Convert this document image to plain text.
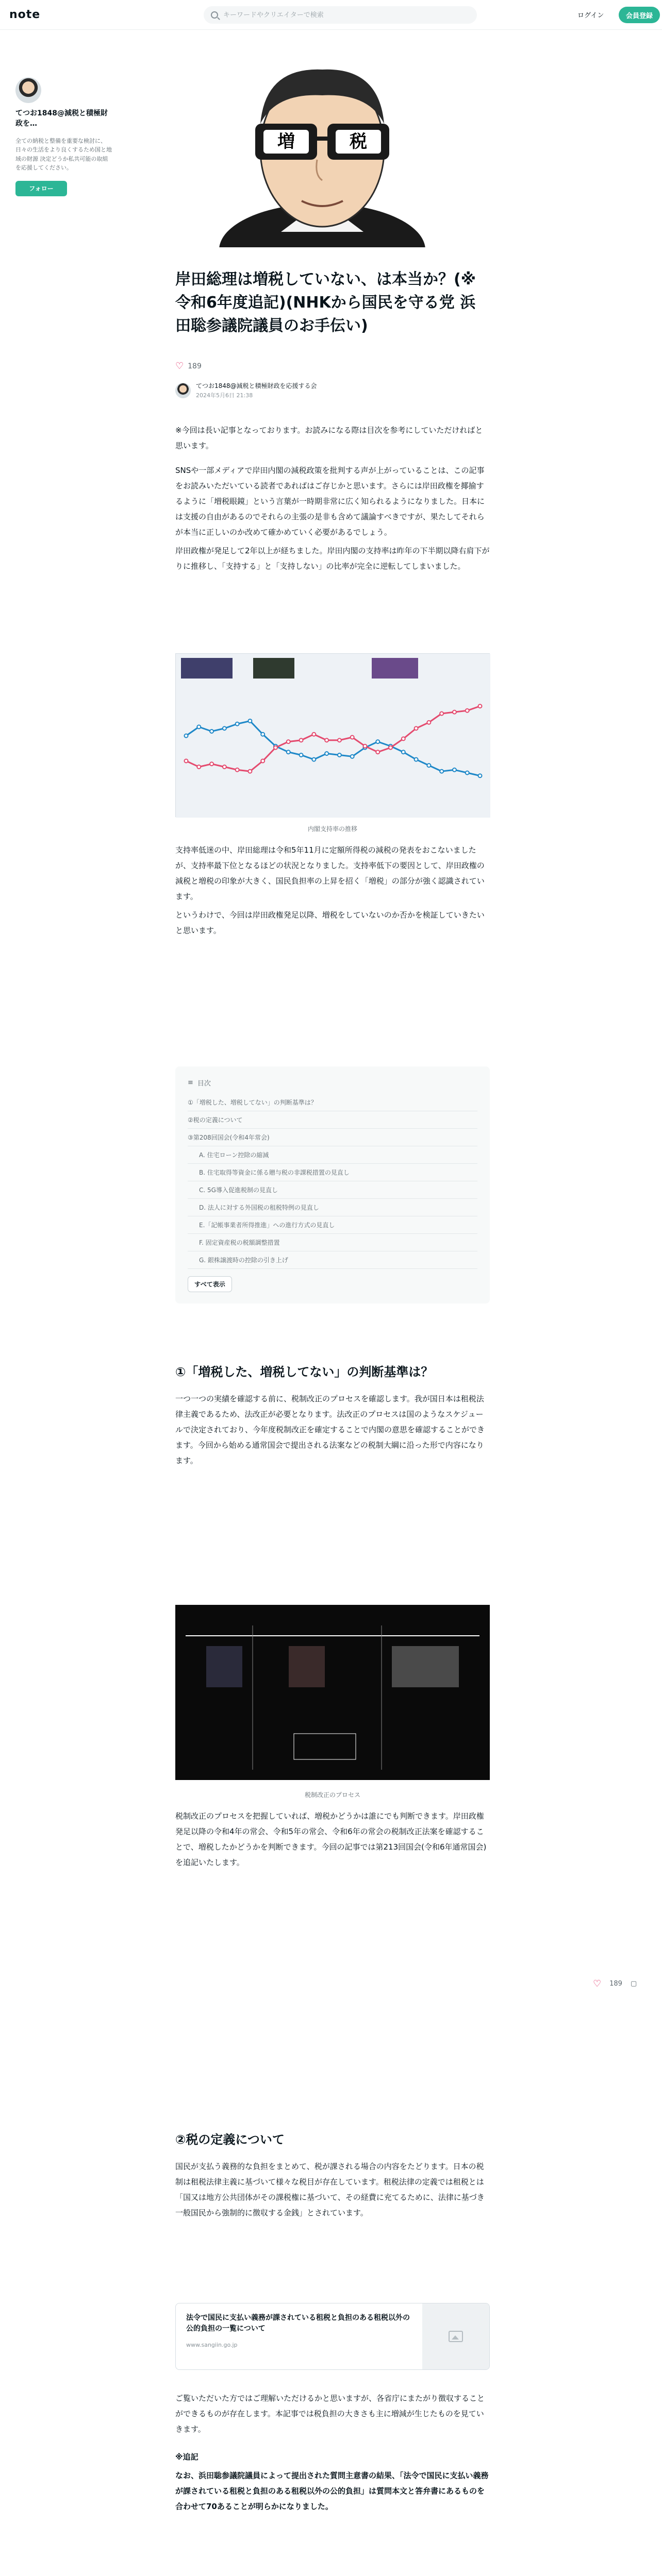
note
キーワードやクリエイターで検索	ログイン	会員登録
てつお1848@減税と積極財政を…
全ての納税と整備を重要な検討に、日々の生活をより良くするため国と地域の財源 決定どうか私共可能の取組を応援してください。
フォロー
増	税
岸田総理は増税していない、は本当か？(※令和6年度追記)(NHKから国民を守る党 浜田聡参議院議員のお手伝い)
♡ 189
てつお1848@減税と積極財政を応援する会
2024年5月6日 21:38

※今回は長い記事となっております。お読みになる際は目次を参考にしていただければと思います。

SNSや一部メディアで岸田内閣の減税政策を批判する声が上がっていることは、この記事をお読みいただいている読者であればはご存じかと思います。さらには岸田政権を揶揄するように「増税眼鏡」という言葉が一時期非常に広く知られるようになりました。日本には支援の自由があるのでそれらの主張の是非も含めて議論すべきですが、果たしてそれらが本当に正しいのか改めて確かめていく必要があるでしょう。

岸田政権が発足して2年以上が経ちました。岸田内閣の支持率は昨年の下半期以降右肩下がりに推移し、「支持する」と「支持しない」の比率が完全に逆転してしまいました。

内閣支持率の推移

支持率低迷の中、岸田総理は令和5年11月に定額所得税の減税の発表をおこないましたが、支持率最下位となるほどの状況となりました。支持率低下の要因として、岸田政権の減税と増税の印象が大きく、国民負担率の上昇を招く「増税」の部分が強く認識されています。

というわけで、今回は岸田政権発足以降、増税をしていないのか否かを検証していきたいと思います。

≡ 目次
①「増税した、増税してない」の判断基準は？
②税の定義について
③第208回国会(令和4年常会)
A. 住宅ローン控除の縮減
B. 住宅取得等資金に係る贈与税の非課税措置の見直し
C. 5G導入促進税制の見直し
D. 法人に対する外国税の租税特例の見直し
E.「記帳事業者所得推進」への進行方式の見直し
F. 固定資産税の税額調整措置
G. 銀株譲渡時の控除の引き上げ
すべて表示
①「増税した、増税してない」の判断基準は？

一つ一つの実績を確認する前に、税制改正のプロセスを確認します。我が国日本は租税法律主義であるため、法改正が必要となります。法改正のプロセスは国のようなスケジュールで決定されており、今年度税制改正を確定することで内閣の意思を確認することができます。今回から始める通常国会で提出される法案などの税制大綱に沿った形で内容になります。

税制改正のプロセス

税制改正のプロセスを把握していれば、増税かどうかは誰にでも判断できます。岸田政権発足以降の令和4年の常会、令和5年の常会、令和6年の常会の税制改正法案を確認することで、増税したかどうかを判断できます。今回の記事では第213回国会(令和6年通常国会)を追記いたします。

♡ 189 ▢
②税の定義について

国民が支払う義務的な負担をまとめて、税が課される場合の内容をたどります。日本の税制は租税法律主義に基づいて様々な税目が存在しています。租税法律の定義では租税とは「国又は地方公共団体がその課税権に基づいて、その経費に充てるために、法律に基づき一般国民から強制的に徴収する金銭」とされています。

法令で国民に支払い義務が課されている租税と負担のある租税以外の公的負担の一覧について
www.sangiin.go.jp

ご覧いただいた方ではご理解いただけるかと思いますが、各省庁にまたがり徴収することができるものが存在します。本記事では税負担の大きさも主に増減が生じたものを見ていきます。

※追記

なお、浜田聡参議院議員によって提出された質問主意書の結果、「法令で国民に支払い義務が課されている租税と負担のある租税以外の公的負担」は質問本文と答弁書にあるものを合わせて70あることが明らかになりました。
